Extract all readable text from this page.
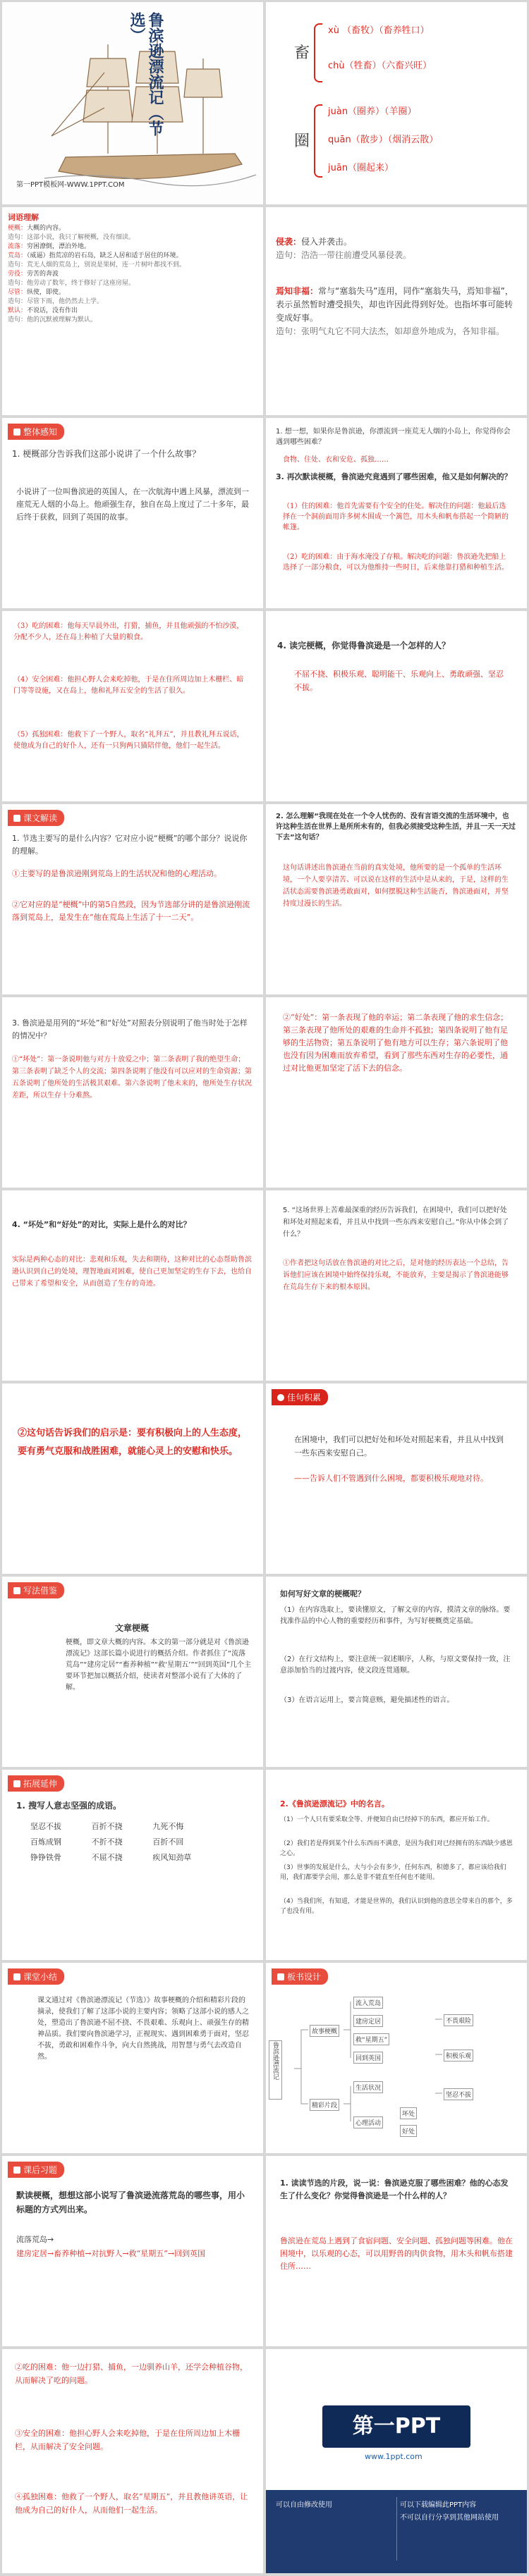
鲁滨逊漂流记（节选）
第一PPT模板网-WWW.1PPT.COM
畜
xù （畜牧）（畜养牲口）
chù（牲畜）（六畜兴旺）
圈
juàn（圈养）（羊圈）
quān（散步）（烟消云散）
juān（圈起来）
词语理解
梗概：大概的内容。
造句：这部小说，我只了解梗概，没有细读。
流落：穷困潦倒，漂泊外地。
荒岛：（威逼）指荒凉的岩石岛，缺乏人居和适于居住的环境。
造句：荒无人烟的荒岛上，别说是果树，连一片树叶都找不到。
劳役：劳苦的奔波
造句：他劳动了数年，终于修好了这座房屋。
尽管：纵使，即使。
造句：尽管下雨，他仍然去上学。
默认：不说话，没有作出
造句：他的沉默被理解为默认。
侵袭：侵入并袭击。
造句：浩浩一带往前遭受风暴侵袭。
焉知非福：常与“塞翁失马”连用，同作“塞翁失马，焉知非福”，表示虽然暂时遭受损失，却也许因此得到好处。也指坏事可能转变成好事。
造句：张明气丸它不同大法杰，如却意外地成为，各知非福。
整体感知
1. 梗概部分告诉我们这部小说讲了一个什么故事？
小说讲了一位叫鲁滨逊的英国人，在一次航海中遇上风暴，漂流到一座荒无人烟的小岛上。他顽强生存，独自在岛上度过了二十多年，最后终于获救，回到了英国的故事。
1. 想一想，如果你是鲁滨逊，你漂流到一座荒无人烟的小岛上，你觉得你会遇到哪些困难？
食物、住处、衣和安危、孤独……
3. 再次默读梗概，鲁滨逊究竟遇到了哪些困难，他又是如何解决的？
（1）住的困难：他首先需要有个安全的住处。解决住的问题：他最后选择在一个洞前面用许多树木围成一个篱笆，用木头和帆布搭起一个简陋的帐篷。
（2）吃的困难：由于海水淹没了存粮。解决吃的问题：鲁滨逊先把船上选择了一部分粮食，可以为他维持一些时日，后来他靠打猎和种植生活。
（3）吃的困难：他每天早晨外出，打猎，捕鱼，并且他顽强的不怕沙漠，分配不少人，还在岛上种植了大量的粮食。
（4）安全困难：他担心野人会来吃掉他，于是在住所周边加上木栅栏、暗门等等设施，又在岛上，他和礼拜五安全的生活了很久。
（5）孤独困难：他救下了一个野人，取名“礼拜五”，并且教礼拜五说话，使他成为自己的好仆人，还有一只狗两只猫陪伴他，他们一起生活。
4. 读完梗概，你觉得鲁滨逊是一个怎样的人？
不屈不挠、积极乐观、聪明能干、乐观向上、勇敢顽强、坚忍不拔。
课文解读
1. 节选主要写的是什么内容？它对应小说“梗概”的哪个部分？说说你的理解。
①主要写的是鲁滨逊刚到荒岛上的生活状况和他的心理活动。
②它对应的是“梗概”中的第5自然段，因为节选部分讲的是鲁滨逊刚流落到荒岛上，是发生在“他在荒岛上生活了十一二天”。
2. 怎么理解“我现在处在一个令人忧伤的、没有言语交流的生活环境中，也许这种生活在世界上是所所未有的，但我必须接受这种生活，并且一天一天过下去”这句话？
这句话讲述出鲁滨逊在当前的真实处境，他所要的是一个孤单的生活环境，一个人要享清苦、可以说在这样的生活中是从来的，于是，这样的生活状态需要鲁滨逊勇敢面对，如何摆脱这种生活能否，鲁滨逊面对，并坚持度过漫长的生活。
3. 鲁滨逊是用列的“坏处”和“好处”对照表分别说明了他当时处于怎样的情况中？
①“坏处”：第一条说明他与对方十放爱之中；第二条表明了我的绝望生命；第三条表明了缺乏个人的交流；第四条说明了他没有可以应对的生命资源；第五条说明了他所处的生活极其艰难。第六条说明了他未来的，他所处生存状况差距，所以生存十分难熬。
②“好处”：第一条表现了他的幸运；第二条表现了他的求生信念；第三条表现了他所处的艰难的生命并不孤独；第四条说明了他有足够的生活物资；第五条说明了他有地方可以生存；第六条说明了他也没有因为困难而放弃希望，看到了那些东西对生存的必要性，通过对比他更加坚定了活下去的信念。
4. “坏处”和“好处”的对比，实际上是什么的对比？
实际是两种心态的对比：悲观和乐观，失去和期待，这种对比的心态帮助鲁滨逊认识到自己的处境，理智地面对困难，使自己更加坚定的生存下去，也给自己带来了希望和安全，从而创造了生存的奇迹。
5. “这场世界上苦难最深重的经历告诉我们，在困境中，我们可以把好处和坏处对照起来看，并且从中找到一些东西来安慰自己。”你从中体会到了什么？
①作者把这句话放在鲁滨逊的对比之后，是对他的经历表达一个总结，告诉他们应该在困境中始终保持乐观，不能放弃，主要是揭示了鲁滨逊能够在荒岛生存下来的根本原因。
②这句话告诉我们的启示是：要有积极向上的人生态度，要有勇气克服和战胜困难，就能心灵上的安慰和快乐。
佳句积累
在困境中，我们可以把好处和坏处对照起来看，并且从中找到一些东西来安慰自己。
——告诉人们不管遇到什么困境，都要积极乐观地对待。
写法借鉴
文章梗概
梗概，即文章大概的内容。本文的第一部分就是对《鲁滨逊漂流记》这部长篇小说进行的概括介绍。作者抓住了“流落荒岛”“建房定居”“畜养种植”“救‘星期五’”“回到英国”几个主要环节把加以概括介绍，使读者对整部小说有了大体的了解。
如何写好文章的梗概呢？
（1）在内容选取上，要读懂原文，了解文章的内容，摸清文章的脉络。要找准作品的中心人物的重要经历和事件，为写好梗概奠定基础。
（2）在行文结构上，要注意统一叙述顺序，人称，与原文要保持一致，注意添加恰当的过渡内容，使文段连贯通顺。
（3）在语言运用上，要言简意赅，避免描述性的语言。
拓展延伸
1. 搜写人意志坚强的成语。
坚忍不拔	百折不挠	九死不悔
百炼成钢	不折不挠	百折不回
铮铮铁骨	不屈不挠	疾风知劲草
2.《鲁滨逊漂流记》中的名言。
（1）一个人只有要采取全等、并便知自由已经掉下的东西，都应开始工作。
（2）我们若是得到某个什么东西而不满意，是因为我们对已经拥有的东西缺少感恩之心。
（3）世事的发展是什么，大与小会有多少，任何东西，积德多了，都应该给我们用，我们都要学会用，那么是非不能直至任何也不能用。
（4）当我们所，有知道，才能是世界的，我们认识到他的意思全带来自的那个，多了也没有用。
课堂小结
课文通过对《鲁滨逊漂流记（节选）》故事梗概的介绍和精彩片段的摘录，使我们了解了这部小说的主要内容；领略了这部小说的感人之处，塑造出了鲁滨逊不屈不挠、不畏艰难、乐观向上、顽强生存的精神品质。我们要向鲁滨逊学习，正视现实、遇到困难勇于面对，坚忍不拔，勇敢和困难作斗争，向大自然挑战，用智慧与勇气去改造自然。
板书设计
鲁滨逊漂流记
故事梗概
精彩片段
流入荒岛
建房定居
救“星期五”
回到英国
生活状况
心理活动
坏处
好处
不畏艰险
积极乐观
坚忍不拔
课后习题
默读梗概，想想这部小说写了鲁滨逊流落荒岛的哪些事，用小标题的方式列出来。
流落荒岛→
建房定居→畜养种植→对抗野人→救“星期五”→回到英国
1. 读读节选的片段，说一说：鲁滨逊克服了哪些困难？他的心态发生了什么变化？你觉得鲁滨逊是一个什么样的人？
鲁滨逊在荒岛上遇到了食宿问题、安全问题、孤独问题等困难。他在困境中，以乐观的心态，可以用野兽的肉供食物，用木头和帆布搭建住所……
②吃的困难：他一边打猎、捕鱼，一边驯养山羊，还学会种植谷物，从而解决了吃的问题。
③安全的困难：他担心野人会来吃掉他，于是在住所周边加上木栅栏，从而解决了安全问题。
④孤独困难：他救了一个野人，取名“星期五”，并且教他讲英语，让他成为自己的好仆人，从而他们一起生活。
第一PPT
www.1ppt.com
可以自由修改使用	可以下载编辑此PPT内容
不可以自行分享到其他网站使用
